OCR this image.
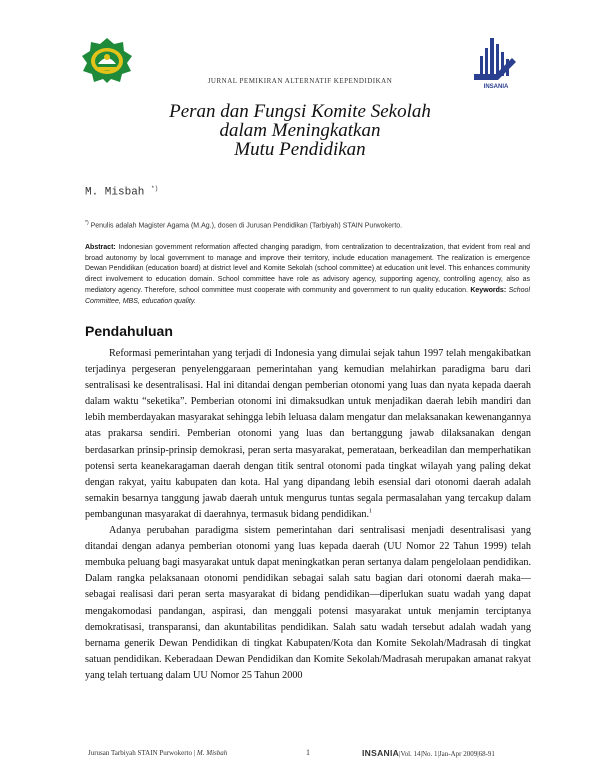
INSANIA
JURNAL PEMIKIRAN ALTERNATIF KEPENDIDIKAN
Peran dan Fungsi Komite Sekolah
dalam Meningkatkan
Mutu Pendidikan
M. Misbah *)
*) Penulis adalah Magister Agama (M.Ag.), dosen di Jurusan Pendidikan (Tarbiyah) STAIN Purwokerto.
Abstract: Indonesian government reformation affected changing paradigm, from centralization to decentralization, that evident from real and broad autonomy by local government to manage and improve their territory, include education management. The realization is emergence Dewan Pendidikan (education board) at district level and Komite Sekolah (school committee) at education unit level. This enhances community direct involvement to education domain. School committee have role as advisory agency, supporting agency, controlling agency, also as mediatory agency. Therefore, school committee must cooperate with community and government to run quality education. Keywords: School Committee, MBS, education quality.
Pendahuluan

Reformasi pemerintahan yang terjadi di Indonesia yang dimulai sejak tahun 1997 telah mengakibatkan terjadinya pergeseran penyelenggaraan pemerintahan yang kemudian melahirkan paradigma baru dari sentralisasi ke desentralisasi. Hal ini ditandai dengan pemberian otonomi yang luas dan nyata kepada daerah dalam waktu “seketika”. Pemberian otonomi ini dimaksudkan untuk menjadikan daerah lebih mandiri dan lebih memberdayakan masyarakat sehingga lebih leluasa dalam mengatur dan melaksanakan kewenangannya atas prakarsa sendiri. Pemberian otonomi yang luas dan bertanggung jawab dilaksanakan dengan berdasarkan prinsip-prinsip demokrasi, peran serta masyarakat, pemerataan, berkeadilan dan memperhatikan potensi serta keanekaragaman daerah dengan titik sentral otonomi pada tingkat wilayah yang paling dekat dengan rakyat, yaitu kabupaten dan kota. Hal yang dipandang lebih esensial dari otonomi daerah adalah semakin besarnya tanggung jawab daerah untuk mengurus tuntas segala permasalahan yang tercakup dalam pembangunan masyarakat di daerahnya, termasuk bidang pendidikan.$^1$

Adanya perubahan paradigma sistem pemerintahan dari sentralisasi menjadi desentralisasi yang ditandai dengan adanya pemberian otonomi yang luas kepada daerah (UU Nomor 22 Tahun 1999) telah membuka peluang bagi masyarakat untuk dapat meningkatkan peran sertanya dalam pengelolaan pendidikan. Dalam rangka pelaksanaan otonomi pendidikan sebagai salah satu bagian dari otonomi daerah maka—sebagai realisasi dari peran serta masyarakat di bidang pendidikan—diperlukan suatu wadah yang dapat mengakomodasi pandangan, aspirasi, dan menggali potensi masyarakat untuk menjamin terciptanya demokratisasi, transparansi, dan akuntabilitas pendidikan. Salah satu wadah tersebut adalah wadah yang bernama generik Dewan Pendidikan di tingkat Kabupaten/Kota dan Komite Sekolah/Madrasah di tingkat satuan pendidikan. Keberadaan Dewan Pendidikan dan Komite Sekolah/Madrasah merupakan amanat rakyat yang telah tertuang dalam UU Nomor 25 Tahun 2000

Jurusan Tarbiyah STAIN Purwokerto | M. Misbah	1	INSANIA|Vol. 14|No. 1|Jan-Apr 2009|68-91
